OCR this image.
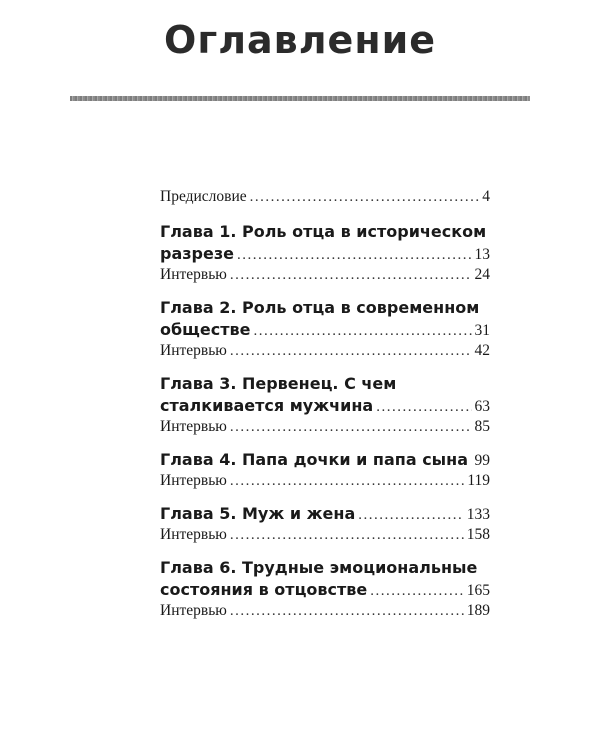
Оглавление
Предисловие .....	4
Глава 1. Роль отца в историческом
разрезе .....	13
Интервью .....	24
Глава 2. Роль отца в современном
обществе .....	31
Интервью .....	42
Глава 3. Первенец. С чем
сталкивается мужчина .....	63
Интервью .....	85
Глава 4. Папа дочки и папа сына ..... 99
Интервью .....	119
Глава 5. Муж и жена .....	133
Интервью .....	158
Глава 6. Трудные эмоциональные
состояния в отцовстве .....	165
Интервью .....	189
